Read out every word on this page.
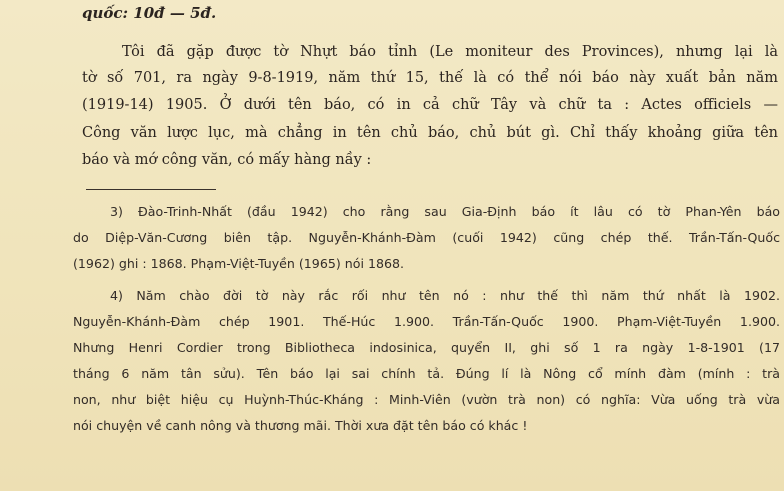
quốc: 10đ — 5đ.

Tôi đã gặp được tờ Nhựt báo tỉnh (Le moniteur des Provinces), nhưng lại là

tờ số 701, ra ngày 9-8-1919, năm thứ 15, thế là có thể nói báo này xuất bản năm

(1919-14) 1905. Ở dưới tên báo, có in cả chữ Tây và chữ ta : Actes officiels —

Công văn lược lục, mà chẳng in tên chủ báo, chủ bút gì. Chỉ thấy khoảng giữa tên

báo và mớ công văn, có mấy hàng nầy :

3) Đào-Trinh-Nhất (đầu 1942) cho rằng sau Gia-Định báo ít lâu có tờ Phan-Yên báo

do Diệp-Văn-Cương biên tập. Nguyễn-Khánh-Đàm (cuối 1942) cũng chép thế. Trần-Tấn-Quốc

(1962) ghi : 1868. Phạm-Việt-Tuyền (1965) nói 1868.

4) Năm chào đời tờ này rắc rối như tên nó : như thế thì năm thứ nhất là 1902.

Nguyễn-Khánh-Đàm chép 1901. Thế-Húc 1.900. Trần-Tấn-Quốc 1900. Phạm-Việt-Tuyền 1.900.

Nhưng Henri Cordier trong Bibliotheca indosinica, quyển II, ghi số 1 ra ngày 1-8-1901 (17

tháng 6 năm tân sửu). Tên báo lại sai chính tả. Đúng lí là Nông cổ mính đàm (mính : trà

non, như biệt hiệu cụ Huỳnh-Thúc-Kháng : Minh-Viên (vườn trà non) có nghĩa: Vừa uống trà vừa

nói chuyện về canh nông và thương mãi. Thời xưa đặt tên báo có khác !
